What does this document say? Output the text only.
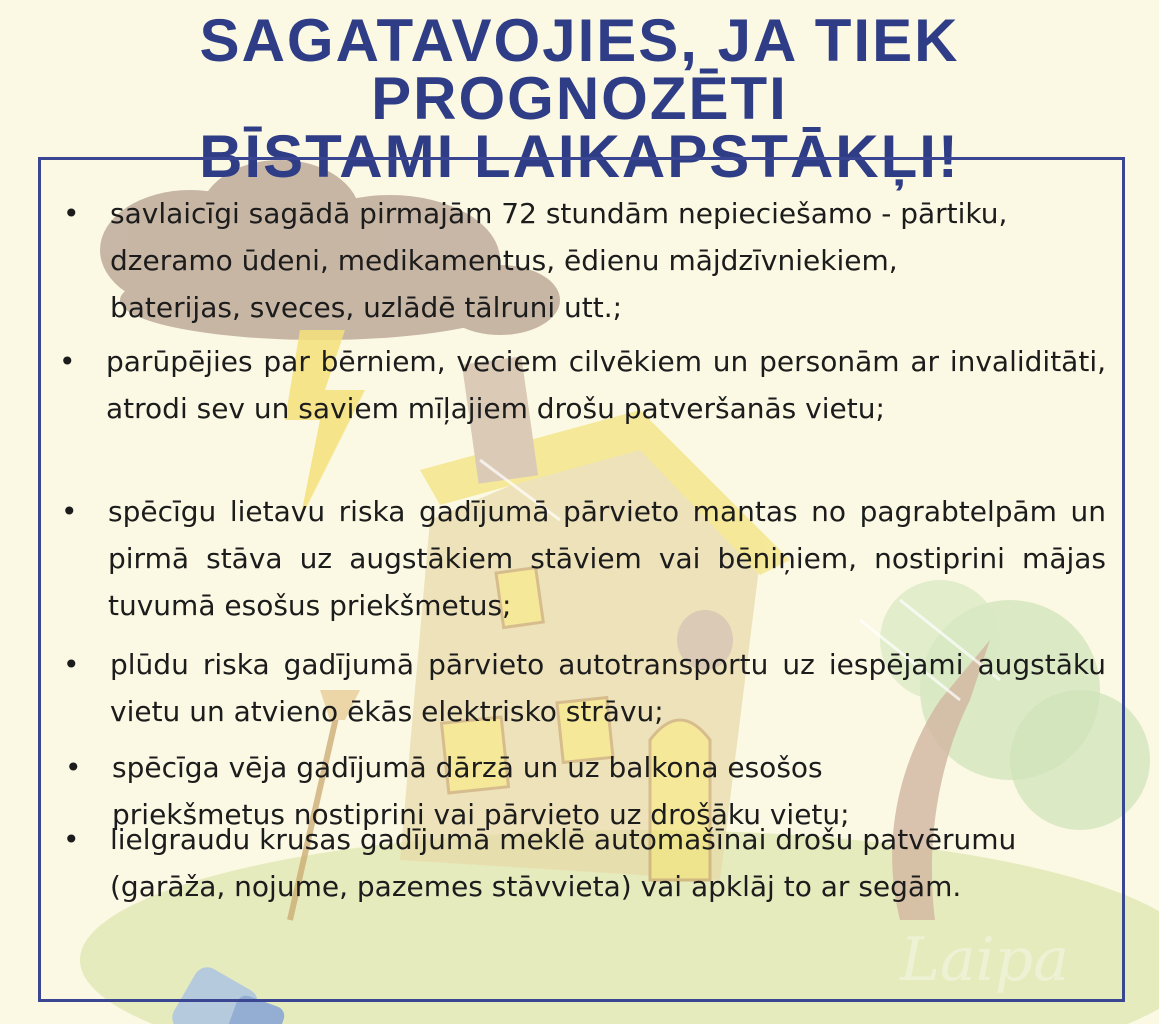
Laipa
SAGATAVOJIES, JA TIEK PROGNOZĒTI
BĪSTAMI LAIKAPSTĀKĻI!

• savlaicīgi sagādā pirmajām 72 stundām nepieciešamo - pārtiku, dzeramo ūdeni, medikamentus, ēdienu mājdzīvniekiem, baterijas, sveces, uzlādē tālruni utt.;

• parūpējies par bērniem, veciem cilvēkiem un personām ar invaliditāti, atrodi sev un saviem mīļajiem drošu patveršanās vietu;

• spēcīgu lietavu riska gadījumā pārvieto mantas no pagrabtelpām un pirmā stāva uz augstākiem stāviem vai bēniņiem, nostiprini mājas tuvumā esošus priekšmetus;

• plūdu riska gadījumā pārvieto autotransportu uz iespējami augstāku vietu un atvieno ēkās elektrisko strāvu;

• spēcīga vēja gadījumā dārzā un uz balkona esošos priekšmetus nostiprini vai pārvieto uz drošāku vietu;

• lielgraudu krusas gadījumā meklē automašīnai drošu patvērumu (garāža, nojume, pazemes stāvvieta) vai apklāj to ar segām.
